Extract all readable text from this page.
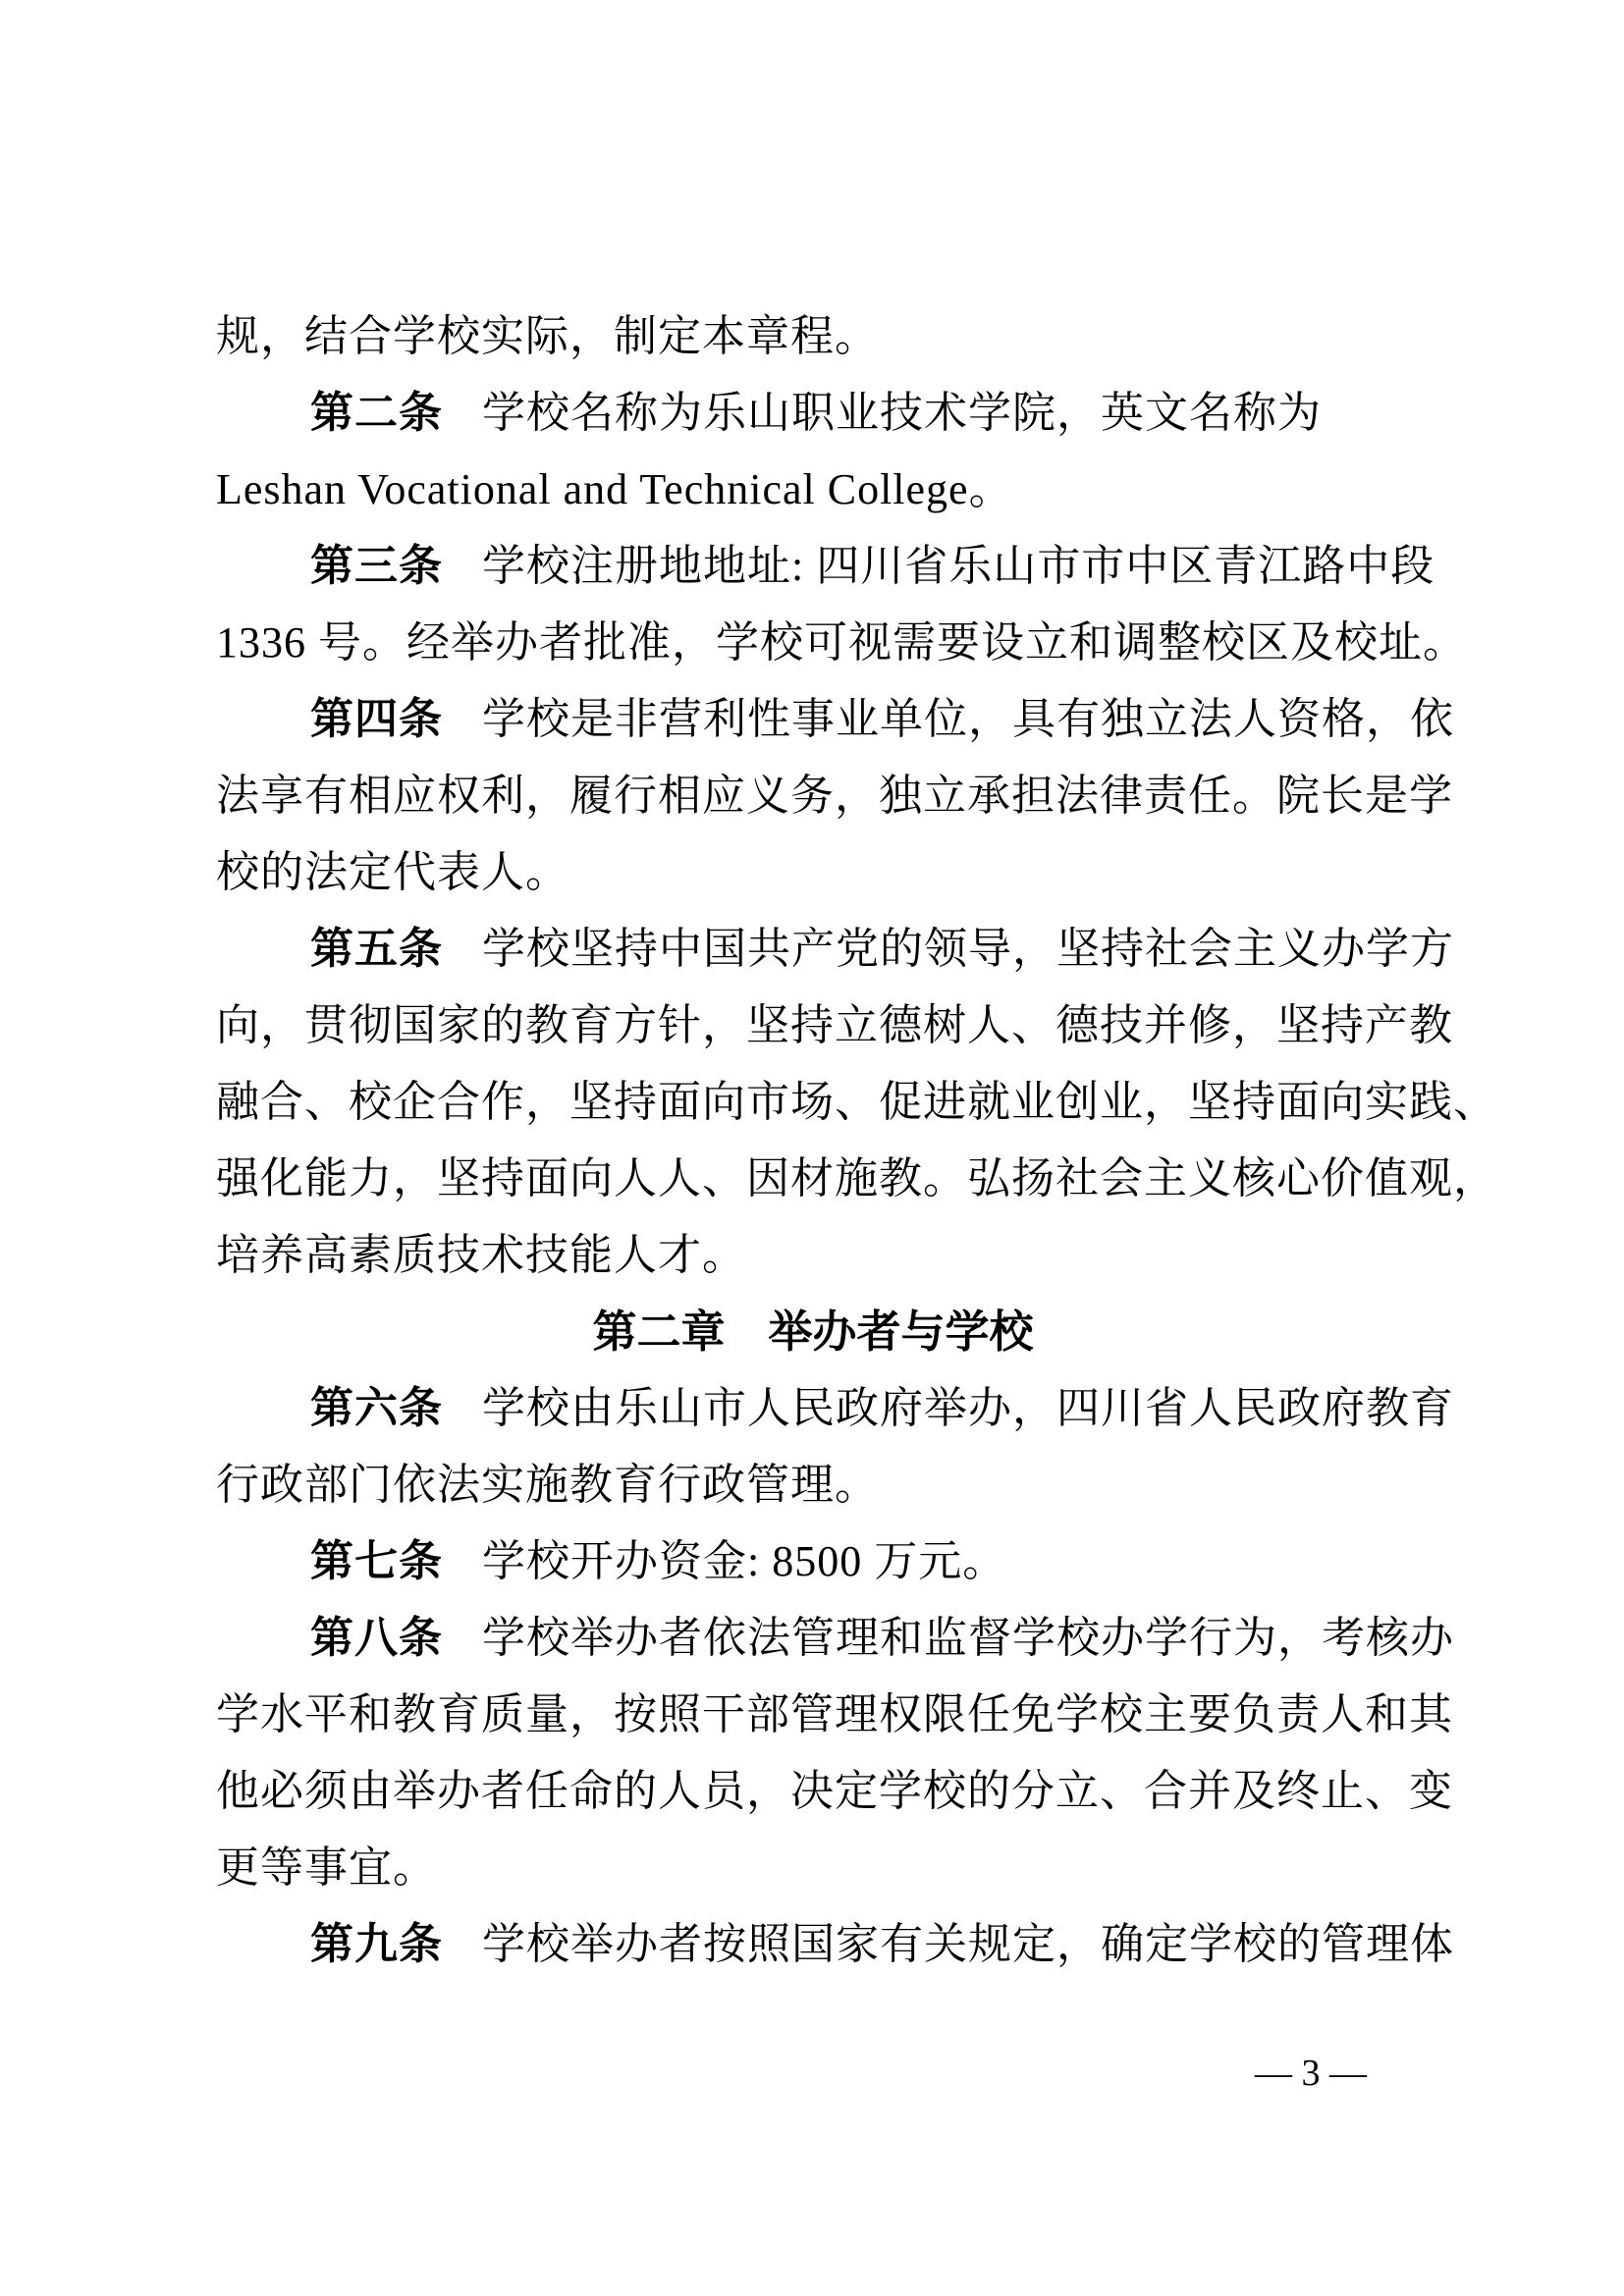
规，结合学校实际，制定本章程。
第二条 学校名称为乐山职业技术学院，英文名称为
Leshan Vocational and Technical College。
第三条 学校注册地地址: 四川省乐山市市中区青江路中段
1336 号。经举办者批准，学校可视需要设立和调整校区及校址。
第四条 学校是非营利性事业单位，具有独立法人资格，依
法享有相应权利，履行相应义务，独立承担法律责任。院长是学
校的法定代表人。
第五条 学校坚持中国共产党的领导，坚持社会主义办学方
向，贯彻国家的教育方针，坚持立德树人、德技并修，坚持产教
融合、校企合作，坚持面向市场、促进就业创业，坚持面向实践、
强化能力，坚持面向人人、因材施教。弘扬社会主义核心价值观，
培养高素质技术技能人才。
第二章 举办者与学校
第六条 学校由乐山市人民政府举办，四川省人民政府教育
行政部门依法实施教育行政管理。
第七条 学校开办资金: 8500 万元。
第八条 学校举办者依法管理和监督学校办学行为，考核办
学水平和教育质量，按照干部管理权限任免学校主要负责人和其
他必须由举办者任命的人员，决定学校的分立、合并及终止、变
更等事宜。
第九条 学校举办者按照国家有关规定，确定学校的管理体
— 3 —
